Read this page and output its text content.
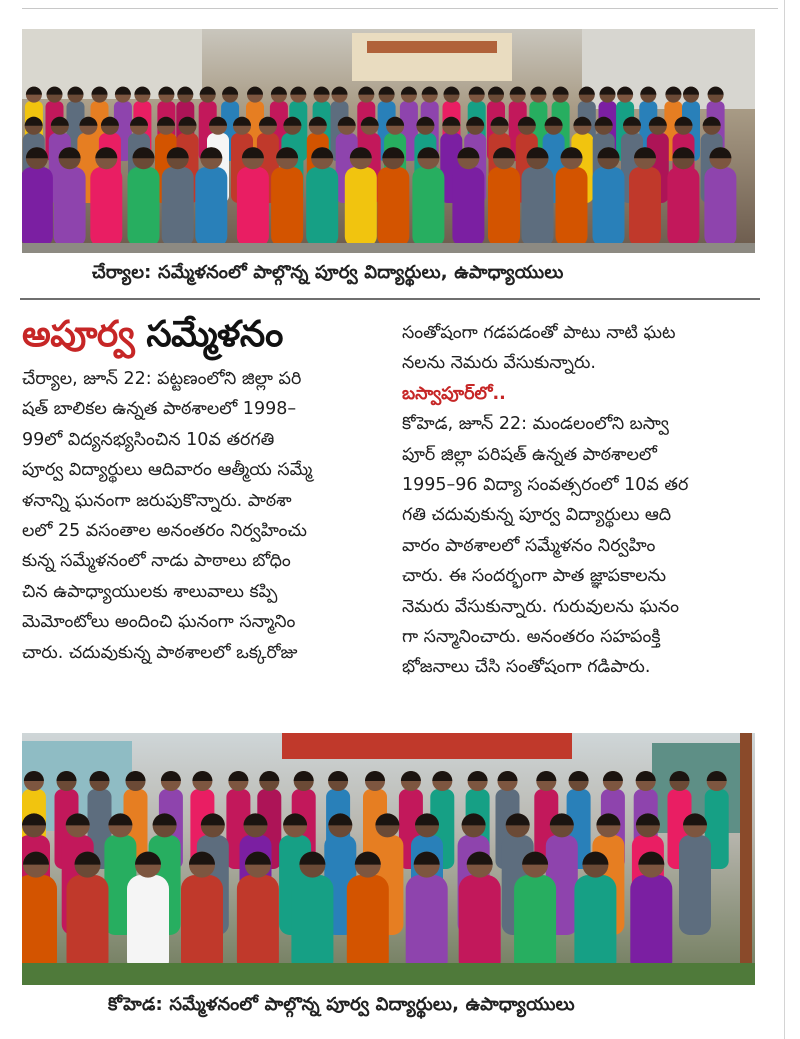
చేర్యాల: సమ్మేళనంలో పాల్గొన్న పూర్వ విద్యార్థులు, ఉపాధ్యాయులు
అపూర్వ సమ్మేళనం
చేర్యాల, జూన్ 22: పట్టణంలోని జిల్లా పరి
షత్ బాలికల ఉన్నత పాఠశాలలో 1998–
99లో విద్యనభ్యసించిన 10వ తరగతి
పూర్వ విద్యార్థులు ఆదివారం ఆత్మీయ సమ్మే
ళనాన్ని ఘనంగా జరుపుకొన్నారు. పాఠశా
లలో 25 వసంతాల అనంతరం నిర్వహించు
కున్న సమ్మేళనంలో నాడు పాఠాలు బోధిం
చిన ఉపాధ్యాయులకు శాలువాలు కప్పి
మెమోంటోలు అందించి ఘనంగా సన్మానిం
చారు. చదువుకున్న పాఠశాలలో ఒక్కరోజు
సంతోషంగా గడపడంతో పాటు నాటి ఘట
నలను నెమరు వేసుకున్నారు.
బస్వాపూర్‌లో..
కోహెడ, జూన్ 22: మండలంలోని బస్వా
పూర్ జిల్లా పరిషత్ ఉన్నత పాఠశాలలో
1995–96 విద్యా సంవత్సరంలో 10వ తర
గతి చదువుకున్న పూర్వ విద్యార్థులు ఆది
వారం పాఠశాలలో సమ్మేళనం నిర్వహిం
చారు. ఈ సందర్భంగా పాత జ్ఞాపకాలను
నెమరు వేసుకున్నారు. గురువులను ఘనం
గా సన్మానించారు. అనంతరం సహపంక్తి
భోజనాలు చేసి సంతోషంగా గడిపారు.
కోహెడ: సమ్మేళనంలో పాల్గొన్న పూర్వ విద్యార్థులు, ఉపాధ్యాయులు
